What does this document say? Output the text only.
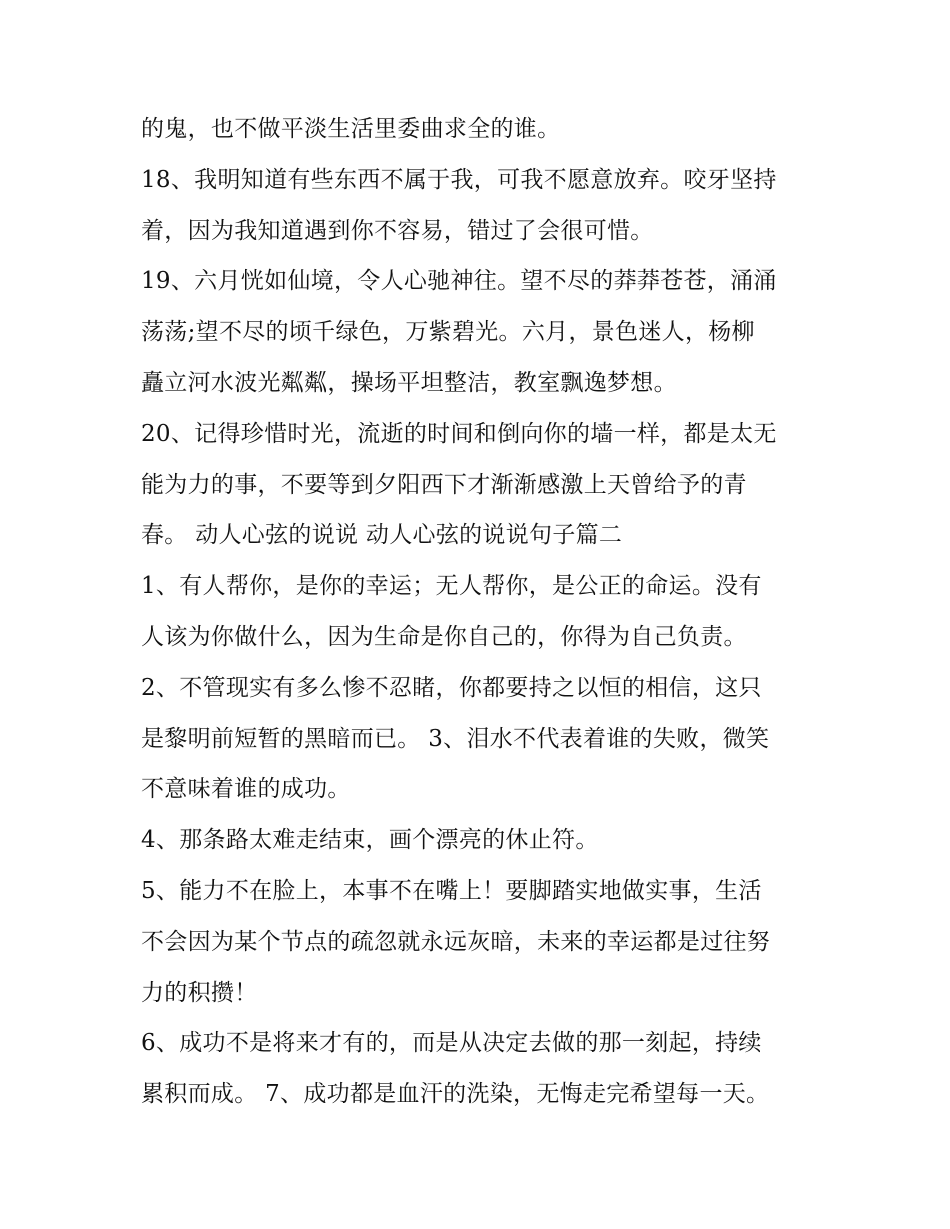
的鬼，也不做平淡生活里委曲求全的谁。
18、我明知道有些东西不属于我，可我不愿意放弃。咬牙坚持
着，因为我知道遇到你不容易，错过了会很可惜。
19、六月恍如仙境，令人心驰神往。望不尽的莽莽苍苍，涌涌
荡荡;望不尽的顷千绿色，万紫碧光。六月，景色迷人，杨柳
矗立河水波光粼粼，操场平坦整洁，教室飘逸梦想。
20、记得珍惜时光，流逝的时间和倒向你的墙一样，都是太无
能为力的事，不要等到夕阳西下才渐渐感激上天曾给予的青
春。 动人心弦的说说 动人心弦的说说句子篇二
1、有人帮你，是你的幸运；无人帮你，是公正的命运。没有
人该为你做什么，因为生命是你自己的，你得为自己负责。
2、不管现实有多么惨不忍睹，你都要持之以恒的相信，这只
是黎明前短暂的黑暗而已。 3、泪水不代表着谁的失败，微笑
不意味着谁的成功。
4、那条路太难走结束，画个漂亮的休止符。
5、能力不在脸上，本事不在嘴上！要脚踏实地做实事，生活
不会因为某个节点的疏忽就永远灰暗，未来的幸运都是过往努
力的积攒！
6、成功不是将来才有的，而是从决定去做的那一刻起，持续
累积而成。 7、成功都是血汗的洗染，无悔走完希望每一天。
